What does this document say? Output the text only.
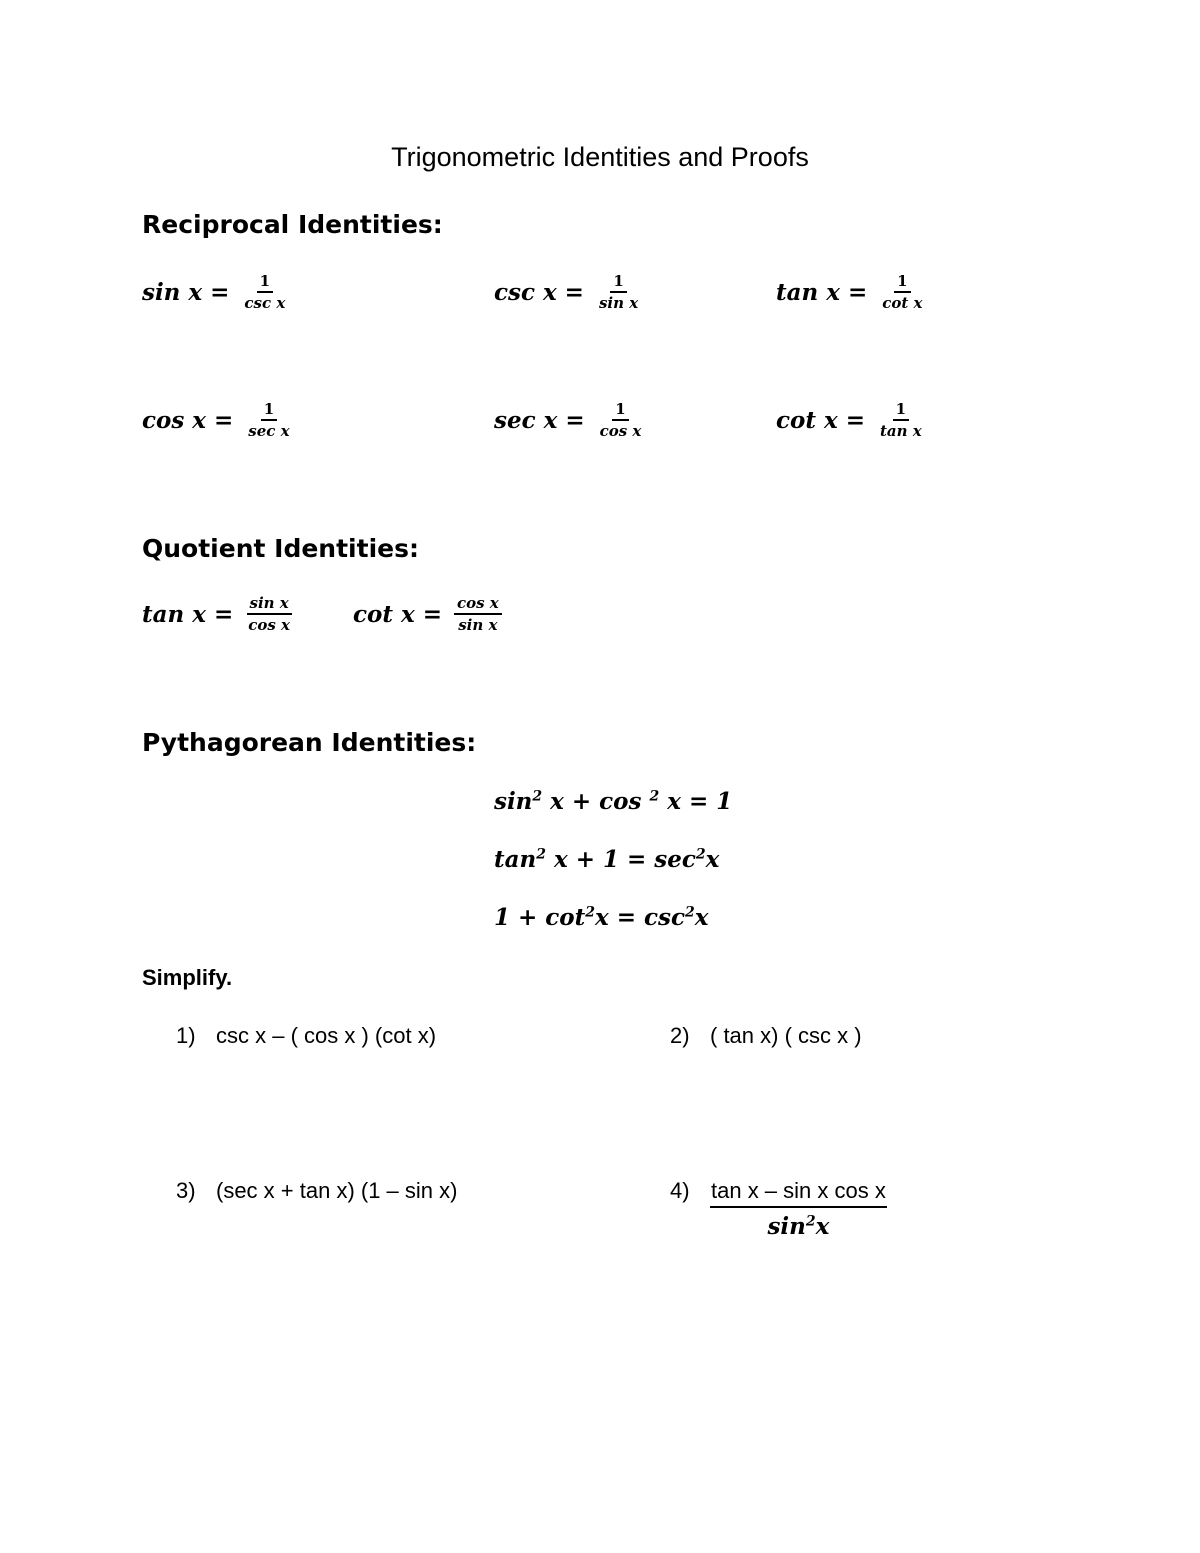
Trigonometric Identities and Proofs
Reciprocal Identities:
$\sin x = \frac{1}{\text{csc x}}$	$\csc x = \frac{1}{\text{sin x}}$	$\tan x = \frac{1}{\text{cot x}}$
$\cos x = \frac{1}{\text{sec x}}$	$\sec x = \frac{1}{\text{cos x}}$	$\cot x = \frac{1}{\text{tan x}}$
Quotient Identities:
$\tan x = \frac{\text{sin x}}{\text{cos x}}$	$\cot x = \frac{\text{cos x}}{\text{sin x}}$
Pythagorean Identities:
$\sin^2 x + \cos ^2$ x = 1
$\tan^2 x + 1 = \sec^2x$
$1 + \cot^2x = \csc^2x$
Simplify.
1) csc x – ( cos x ) (cot x)	2) ( tan x) ( csc x )
3) (sec x + tan x) (1 – sin x)	$4) \frac{\text{tan x – sin x cos x}}{\sin^2x}$
